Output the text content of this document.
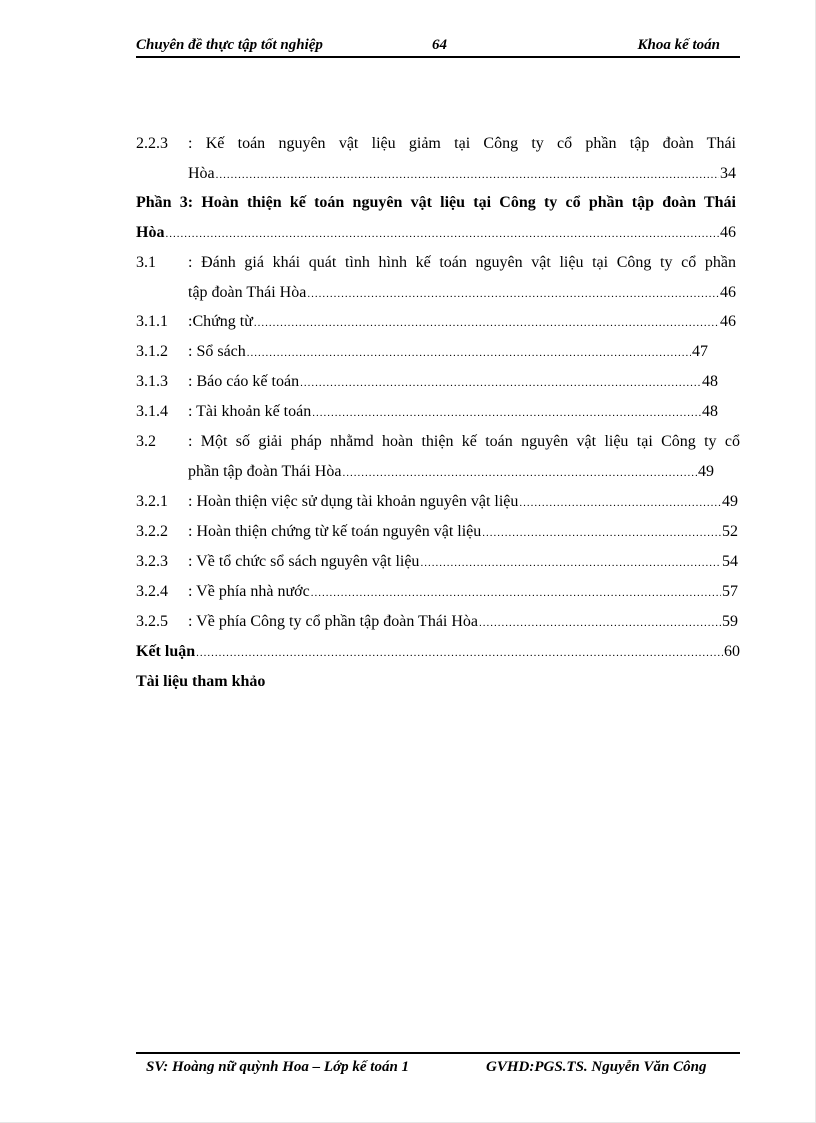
Chuyên đề thực tập tốt nghiệp	64	Khoa kế toán
2.2.3 : Kế toán nguyên vật liệu giảm tại Công ty cổ phần tập đoàn Thái
Hòa .....	34
Phần 3: Hoàn thiện kế toán nguyên vật liệu tại Công ty cổ phần tập đoàn Thái
Hòa .....	46
3.1 : Đánh giá khái quát tình hình kế toán nguyên vật liệu tại Công ty cổ phần
tập đoàn Thái Hòa .....	46
3.1.1 :Chứng từ .....	46
3.1.2 : Sổ sách .....	47
3.1.3 : Báo cáo kế toán .....	48
3.1.4 : Tài khoản kế toán .....	48
3.2 : Một số giải pháp nhằmd hoàn thiện kế toán nguyên vật liệu tại Công ty cổ
phần tập đoàn Thái Hòa .....	49
3.2.1 : Hoàn thiện việc sử dụng tài khoản nguyên vật liệu .....	49
3.2.2 : Hoàn thiện chứng từ kế toán nguyên vật liệu .....	52
3.2.3 : Về tổ chức sổ sách nguyên vật liệu .....	54
3.2.4 : Về phía nhà nước .....	57
3.2.5 : Về phía Công ty cổ phần tập đoàn Thái Hòa .....	59
Kết luận .....	60
Tài liệu tham khảo
SV: Hoàng nữ quỳnh Hoa – Lớp kế toán 1	GVHD:PGS.TS. Nguyễn Văn Công
